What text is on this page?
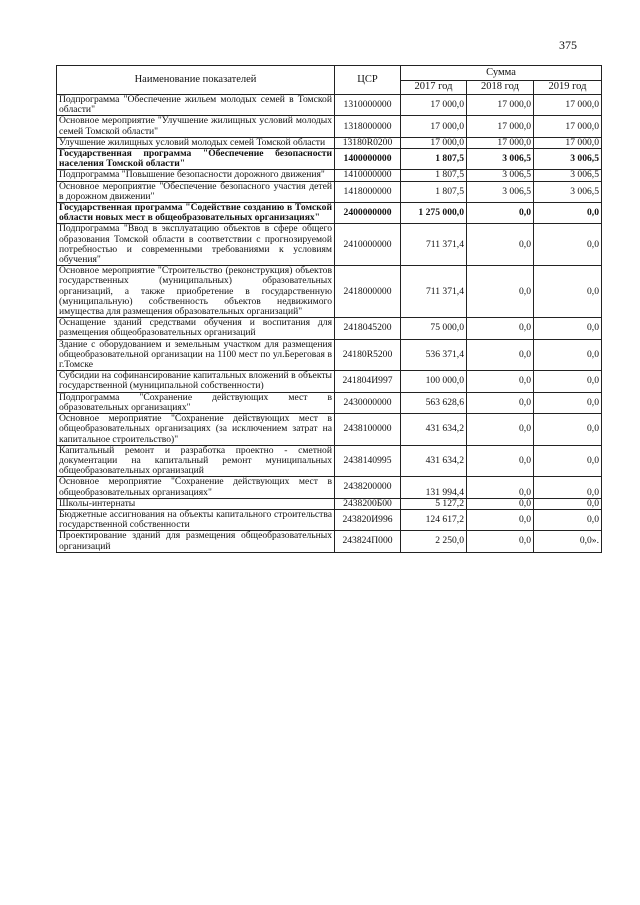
375
Наименование показателей	ЦСР	Сумма		
		2017 год	2018 год	2019 год
Подпрограмма "Обеспечение жильем молодых семей в Томской области"	1310000000	17 000,0	17 000,0	17 000,0
Основное мероприятие "Улучшение жилищных условий молодых семей Томской области"	1318000000	17 000,0	17 000,0	17 000,0
Улучшение жилищных условий молодых семей Томской области	13180R0200	17 000,0	17 000,0	17 000,0
Государственная программа "Обеспечение безопасности населения Томской области"	1400000000	1 807,5	3 006,5	3 006,5
Подпрограмма "Повышение безопасности дорожного движения"	1410000000	1 807,5	3 006,5	3 006,5
Основное мероприятие "Обеспечение безопасного участия детей в дорожном движении"	1418000000	1 807,5	3 006,5	3 006,5
Государственная программа "Содействие созданию в Томской области новых мест в общеобразовательных организациях"	2400000000	1 275 000,0	0,0	0,0
Подпрограмма "Ввод в эксплуатацию объектов в сфере общего образования Томской области в соответствии с прогнозируемой потребностью и современными требованиями к условиям обучения"	2410000000	711 371,4	0,0	0,0
Основное мероприятие "Строительство (реконструкция) объектов государственных (муниципальных) образовательных организаций, а также приобретение в государственную (муниципальную) собственность объектов недвижимого имущества для размещения образовательных организаций"	2418000000	711 371,4	0,0	0,0
Оснащение зданий средствами обучения и воспитания для размещения общеобразовательных организаций	2418045200	75 000,0	0,0	0,0
Здание с оборудованием и земельным участком для размещения общеобразовательной организации на 1100 мест по ул.Береговая в г.Томске	24180R5200	536 371,4	0,0	0,0
Субсидии на софинансирование капитальных вложений в объекты государственной (муниципальной собственности)	241804И997	100 000,0	0,0	0,0
Подпрограмма "Сохранение действующих мест в образовательных организациях"	2430000000	563 628,6	0,0	0,0
Основное мероприятие "Сохранение действующих мест в общеобразовательных организациях (за исключением затрат на капитальное строительство)"	2438100000	431 634,2	0,0	0,0
Капитальный ремонт и разработка проектно - сметной документации на капитальный ремонт муниципальных общеобразовательных организаций	2438140995	431 634,2	0,0	0,0
Основное мероприятие "Сохранение действующих мест в общеобразовательных организациях"	2438200000	131 994,4	0,0	0,0
Школы-интернаты	2438200Б00	5 127,2	0,0	0,0
Бюджетные ассигнования на объекты капитального строительства государственной собственности	243820И996	124 617,2	0,0	0,0
Проектирование зданий для размещения общеобразовательных организаций	243824П000	2 250,0	0,0	0,0».
